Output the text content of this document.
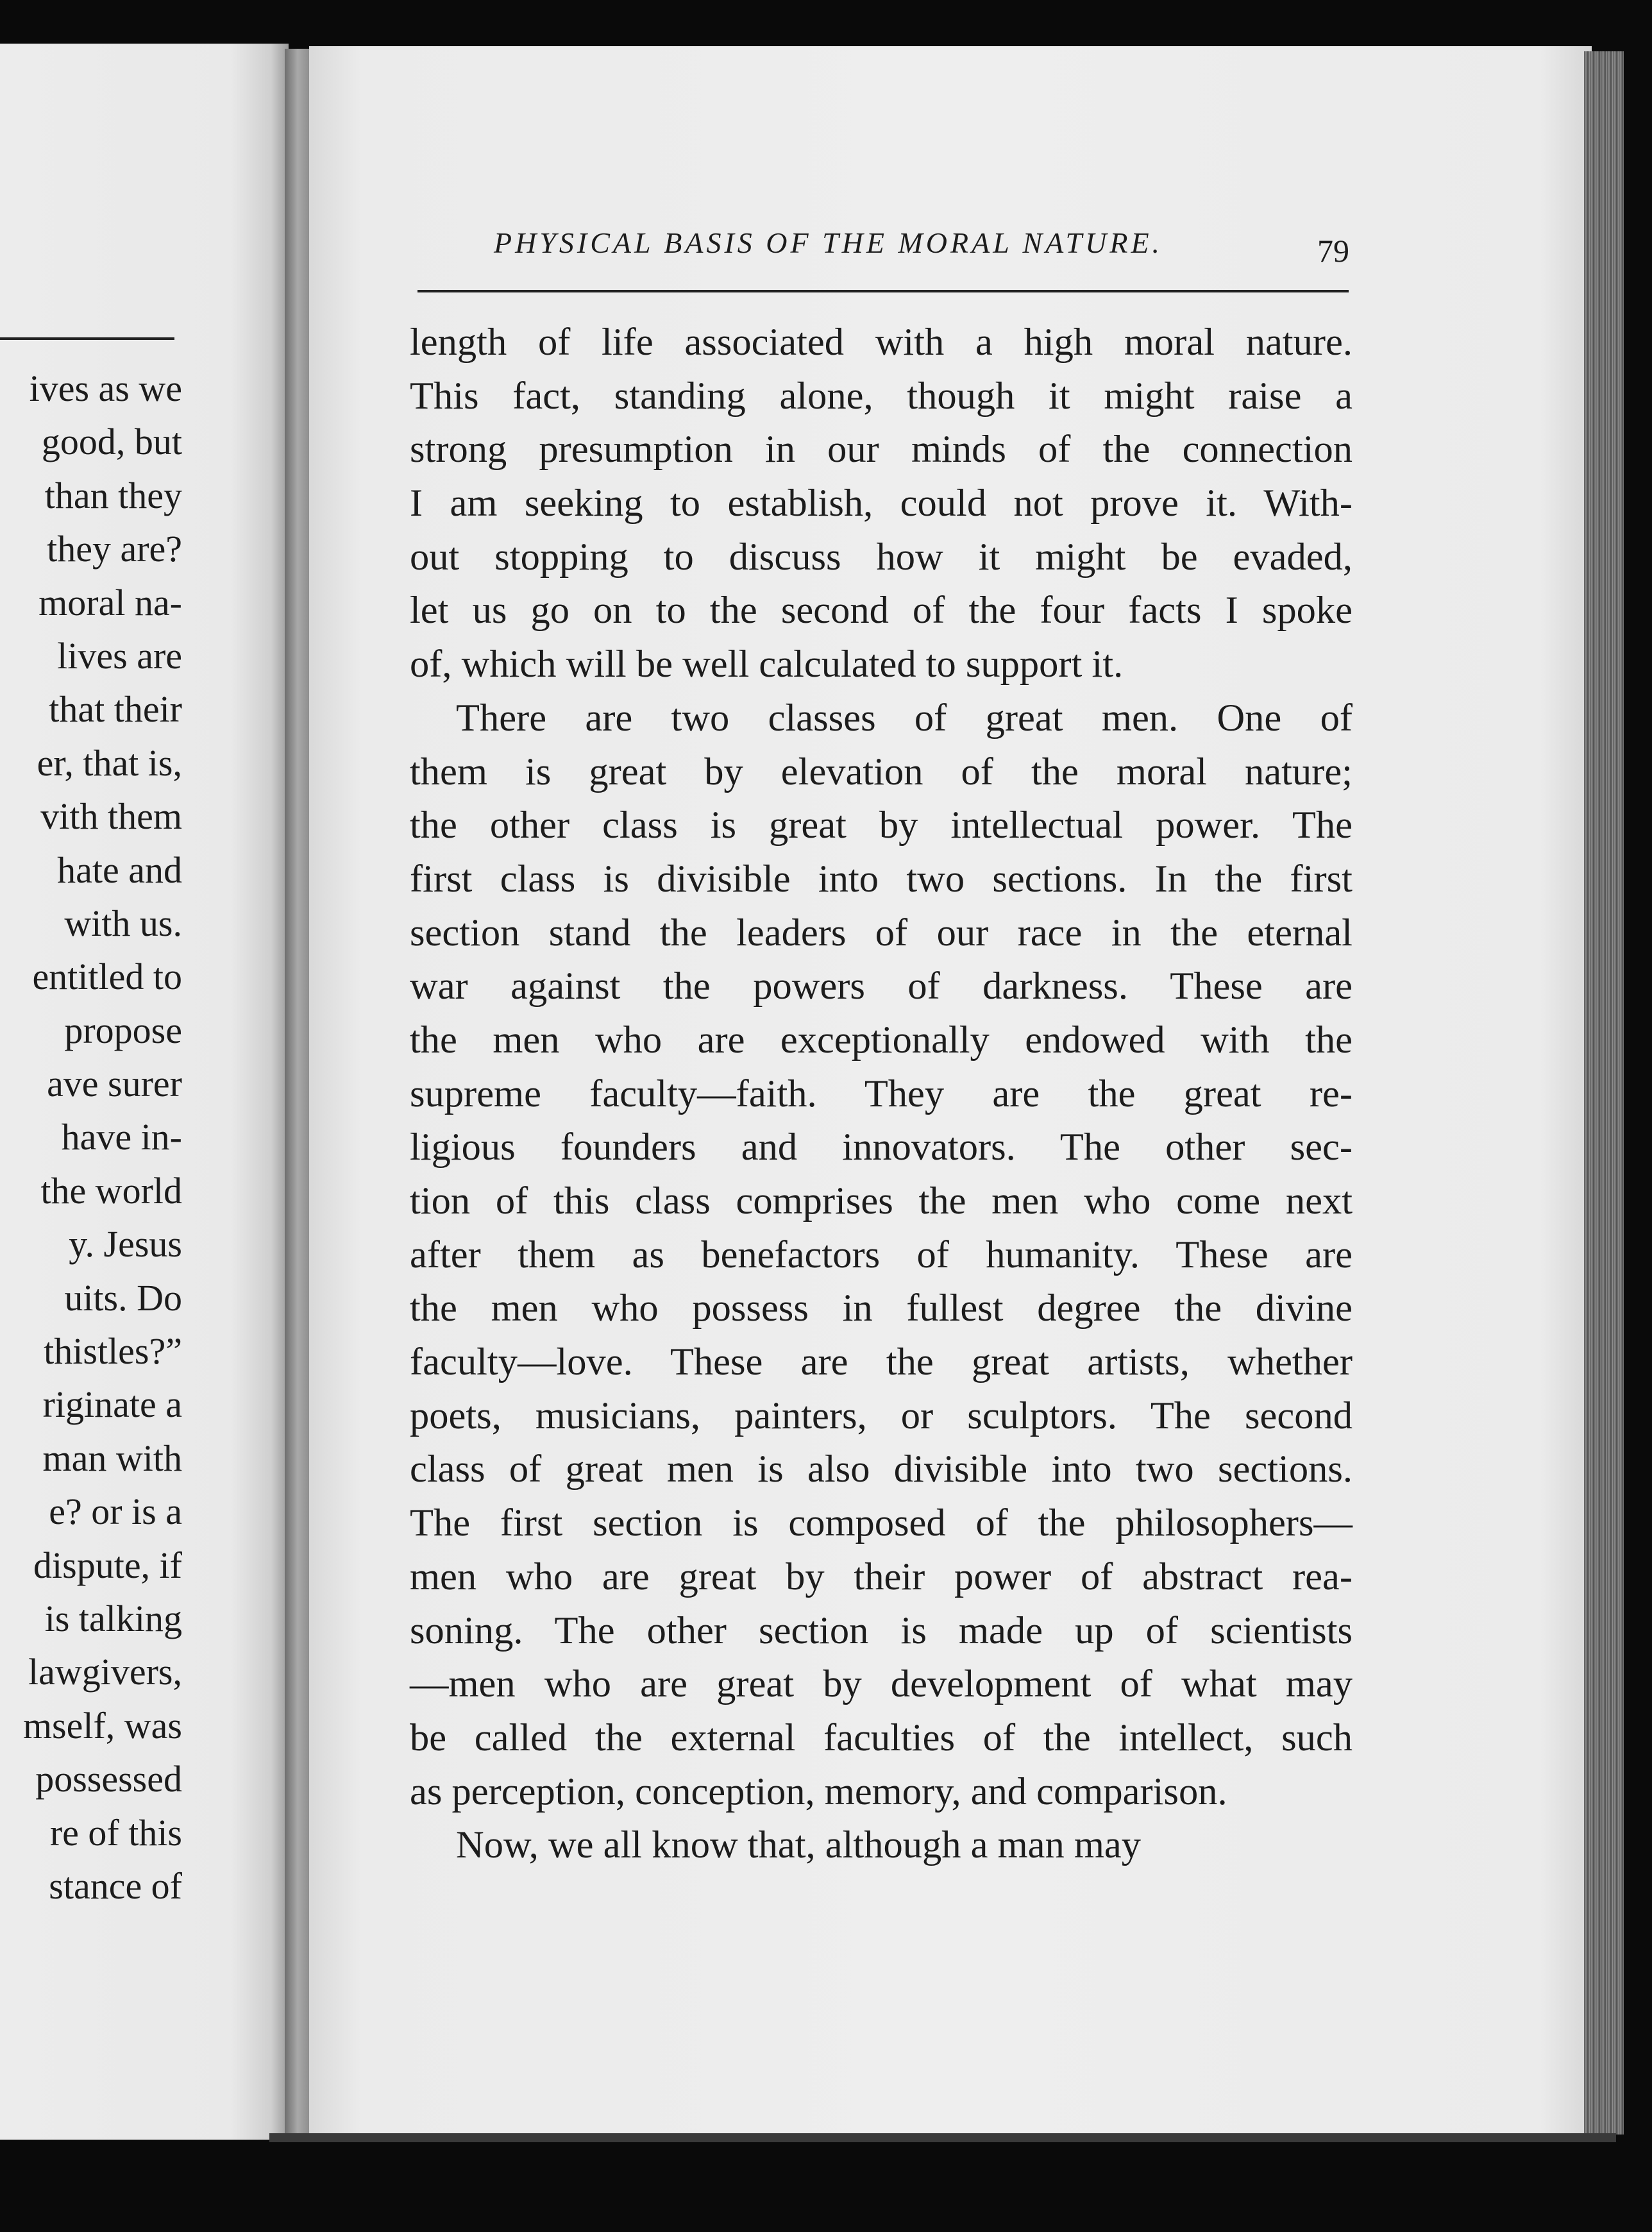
ives as we
good, but
than they
they are?
moral na-
lives are
that their
er, that is,
vith them
hate and
with us.
entitled to
propose
ave surer
have in-
the world
y. Jesus
uits. Do
thistles?”
riginate a
man with
e? or is a
dispute, if
is talking
lawgivers,
mself, was
possessed
re of this
stance of
PHYSICAL BASIS OF THE MORAL NATURE.	79
length of life associated with a high moral nature.
This fact, standing alone, though it might raise a
strong presumption in our minds of the connection
I am seeking to establish, could not prove it. With-
out stopping to discuss how it might be evaded,
let us go on to the second of the four facts I spoke
of, which will be well calculated to support it.
There are two classes of great men. One of
them is great by elevation of the moral nature;
the other class is great by intellectual power. The
first class is divisible into two sections. In the first
section stand the leaders of our race in the eternal
war against the powers of darkness. These are
the men who are exceptionally endowed with the
supreme faculty—faith. They are the great re-
ligious founders and innovators. The other sec-
tion of this class comprises the men who come next
after them as benefactors of humanity. These are
the men who possess in fullest degree the divine
faculty—love. These are the great artists, whether
poets, musicians, painters, or sculptors. The second
class of great men is also divisible into two sections.
The first section is composed of the philosophers—
men who are great by their power of abstract rea-
soning. The other section is made up of scientists
—men who are great by development of what may
be called the external faculties of the intellect, such
as perception, conception, memory, and comparison.
Now, we all know that, although a man may
